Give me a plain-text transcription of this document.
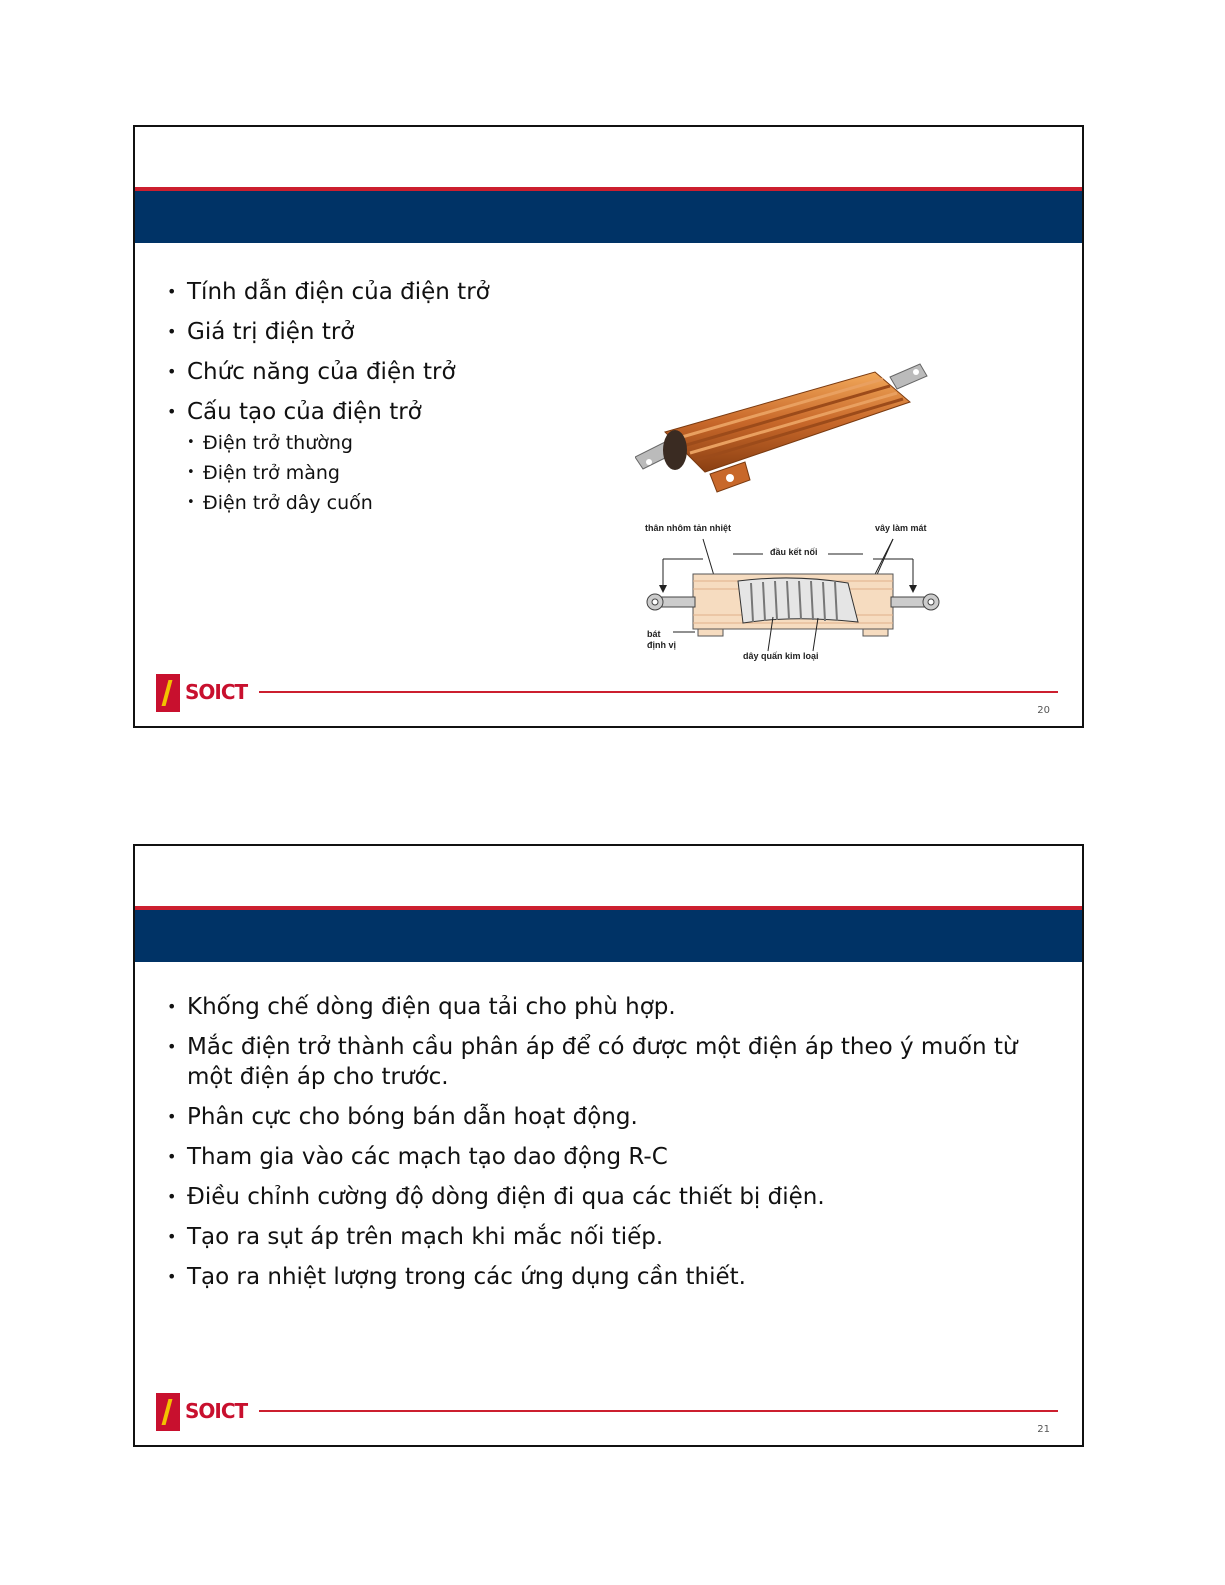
• Tính dẫn điện của điện trở
• Giá trị điện trở
• Chức năng của điện trở
• Cấu tạo của điện trở
• Điện trở thường
• Điện trở màng
• Điện trở dây cuốn
thân nhôm tản nhiệt	vây làm mát
đầu kết nối
bát
định vị
dây quấn kim loại
SOICT
20
• Khống chế dòng điện qua tải cho phù hợp.
• Mắc điện trở thành cầu phân áp để có được một điện áp theo ý muốn từ một điện áp cho trước.
• Phân cực cho bóng bán dẫn hoạt động.
• Tham gia vào các mạch tạo dao động R-C
• Điều chỉnh cường độ dòng điện đi qua các thiết bị điện.
• Tạo ra sụt áp trên mạch khi mắc nối tiếp.
• Tạo ra nhiệt lượng trong các ứng dụng cần thiết.
SOICT
21
